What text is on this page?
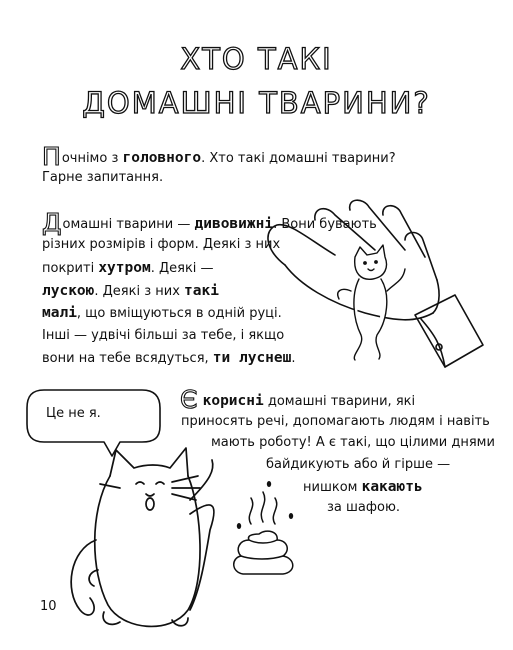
ХТО ТАКІ
ДОМАШНІ ТВАРИНИ?
Почнімо з головного. Хто такі домашні тварини?
Гарне запитання.
Домашні тварини — дивовижні. Вони бувають
різних розмірів і форм. Деякі з них
покриті хутром. Деякі —
лускою. Деякі з них такі
малі, що вміщуються в одній руці.
Інші — удвічі більші за тебе, і якщо
вони на тебе всядуться, ти луснеш.
Є корисні домашні тварини, які
приносять речі, допомагають людям і навіть
мають роботу! А є такі, що цілими днями
байдикують або й гірше —
нишком какають
за шафою.
Це не я.
10
